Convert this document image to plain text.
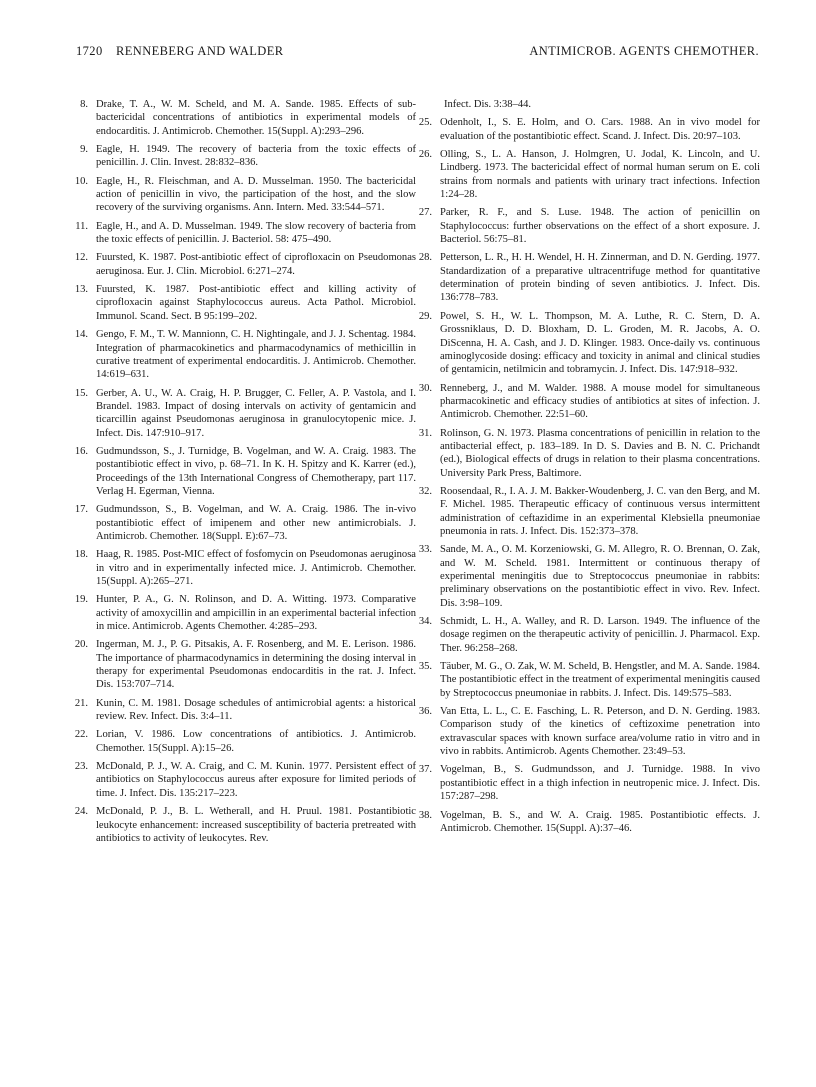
1720 RENNEBERG AND WALDER	ANTIMICROB. AGENTS CHEMOTHER.
8. Drake, T. A., W. M. Scheld, and M. A. Sande. 1985. Effects of sub-bactericidal concentrations of antibiotics in experimental models of endocarditis. J. Antimicrob. Chemother. 15(Suppl. A):293–296.
9. Eagle, H. 1949. The recovery of bacteria from the toxic effects of penicillin. J. Clin. Invest. 28:832–836.
10. Eagle, H., R. Fleischman, and A. D. Musselman. 1950. The bactericidal action of penicillin in vivo, the participation of the host, and the slow recovery of the surviving organisms. Ann. Intern. Med. 33:544–571.
11. Eagle, H., and A. D. Musselman. 1949. The slow recovery of bacteria from the toxic effects of penicillin. J. Bacteriol. 58: 475–490.
12. Fuursted, K. 1987. Post-antibiotic effect of ciprofloxacin on Pseudomonas aeruginosa. Eur. J. Clin. Microbiol. 6:271–274.
13. Fuursted, K. 1987. Post-antibiotic effect and killing activity of ciprofloxacin against Staphylococcus aureus. Acta Pathol. Microbiol. Immunol. Scand. Sect. B 95:199–202.
14. Gengo, F. M., T. W. Mannionn, C. H. Nightingale, and J. J. Schentag. 1984. Integration of pharmacokinetics and pharmacodynamics of methicillin in curative treatment of experimental endocarditis. J. Antimicrob. Chemother. 14:619–631.
15. Gerber, A. U., W. A. Craig, H. P. Brugger, C. Feller, A. P. Vastola, and I. Brandel. 1983. Impact of dosing intervals on activity of gentamicin and ticarcillin against Pseudomonas aeruginosa in granulocytopenic mice. J. Infect. Dis. 147:910–917.
16. Gudmundsson, S., J. Turnidge, B. Vogelman, and W. A. Craig. 1983. The postantibiotic effect in vivo, p. 68–71. In K. H. Spitzy and K. Karrer (ed.), Proceedings of the 13th International Congress of Chemotherapy, part 117. Verlag H. Egerman, Vienna.
17. Gudmundsson, S., B. Vogelman, and W. A. Craig. 1986. The in-vivo postantibiotic effect of imipenem and other new antimicrobials. J. Antimicrob. Chemother. 18(Suppl. E):67–73.
18. Haag, R. 1985. Post-MIC effect of fosfomycin on Pseudomonas aeruginosa in vitro and in experimentally infected mice. J. Antimicrob. Chemother. 15(Suppl. A):265–271.
19. Hunter, P. A., G. N. Rolinson, and D. A. Witting. 1973. Comparative activity of amoxycillin and ampicillin in an experimental bacterial infection in mice. Antimicrob. Agents Chemother. 4:285–293.
20. Ingerman, M. J., P. G. Pitsakis, A. F. Rosenberg, and M. E. Lerison. 1986. The importance of pharmacodynamics in determining the dosing interval in therapy for experimental Pseudomonas endocarditis in the rat. J. Infect. Dis. 153:707–714.
21. Kunin, C. M. 1981. Dosage schedules of antimicrobial agents: a historical review. Rev. Infect. Dis. 3:4–11.
22. Lorian, V. 1986. Low concentrations of antibiotics. J. Antimicrob. Chemother. 15(Suppl. A):15–26.
23. McDonald, P. J., W. A. Craig, and C. M. Kunin. 1977. Persistent effect of antibiotics on Staphylococcus aureus after exposure for limited periods of time. J. Infect. Dis. 135:217–223.
24. McDonald, P. J., B. L. Wetherall, and H. Pruul. 1981. Postantibiotic leukocyte enhancement: increased susceptibility of bacteria pretreated with antibiotics to activity of leukocytes. Rev.
Infect. Dis. 3:38–44.
25. Odenholt, I., S. E. Holm, and O. Cars. 1988. An in vivo model for evaluation of the postantibiotic effect. Scand. J. Infect. Dis. 20:97–103.
26. Olling, S., L. A. Hanson, J. Holmgren, U. Jodal, K. Lincoln, and U. Lindberg. 1973. The bactericidal effect of normal human serum on E. coli strains from normals and patients with urinary tract infections. Infection 1:24–28.
27. Parker, R. F., and S. Luse. 1948. The action of penicillin on Staphylococcus: further observations on the effect of a short exposure. J. Bacteriol. 56:75–81.
28. Petterson, L. R., H. H. Wendel, H. H. Zinnerman, and D. N. Gerding. 1977. Standardization of a preparative ultracentrifuge method for quantitative determination of protein binding of seven antibiotics. J. Infect. Dis. 136:778–783.
29. Powel, S. H., W. L. Thompson, M. A. Luthe, R. C. Stern, D. A. Grossniklaus, D. D. Bloxham, D. L. Groden, M. R. Jacobs, A. O. DiScenna, H. A. Cash, and J. D. Klinger. 1983. Once-daily vs. continuous aminoglycoside dosing: efficacy and toxicity in animal and clinical studies of gentamicin, netilmicin and tobramycin. J. Infect. Dis. 147:918–932.
30. Renneberg, J., and M. Walder. 1988. A mouse model for simultaneous pharmacokinetic and efficacy studies of antibiotics at sites of infection. J. Antimicrob. Chemother. 22:51–60.
31. Rolinson, G. N. 1973. Plasma concentrations of penicillin in relation to the antibacterial effect, p. 183–189. In D. S. Davies and B. N. C. Prichandt (ed.), Biological effects of drugs in relation to their plasma concentrations. University Park Press, Baltimore.
32. Roosendaal, R., I. A. J. M. Bakker-Woudenberg, J. C. van den Berg, and M. F. Michel. 1985. Therapeutic efficacy of continuous versus intermittent administration of ceftazidime in an experimental Klebsiella pneumoniae pneumonia in rats. J. Infect. Dis. 152:373–378.
33. Sande, M. A., O. M. Korzeniowski, G. M. Allegro, R. O. Brennan, O. Zak, and W. M. Scheld. 1981. Intermittent or continuous therapy of experimental meningitis due to Streptococcus pneumoniae in rabbits: preliminary observations on the postantibiotic effect in vivo. Rev. Infect. Dis. 3:98–109.
34. Schmidt, L. H., A. Walley, and R. D. Larson. 1949. The influence of the dosage regimen on the therapeutic activity of penicillin. J. Pharmacol. Exp. Ther. 96:258–268.
35. Täuber, M. G., O. Zak, W. M. Scheld, B. Hengstler, and M. A. Sande. 1984. The postantibiotic effect in the treatment of experimental meningitis caused by Streptococcus pneumoniae in rabbits. J. Infect. Dis. 149:575–583.
36. Van Etta, L. L., C. E. Fasching, L. R. Peterson, and D. N. Gerding. 1983. Comparison study of the kinetics of ceftizoxime penetration into extravascular spaces with known surface area/volume ratio in vitro and in vivo in rabbits. Antimicrob. Agents Chemother. 23:49–53.
37. Vogelman, B., S. Gudmundsson, and J. Turnidge. 1988. In vivo postantibiotic effect in a thigh infection in neutropenic mice. J. Infect. Dis. 157:287–298.
38. Vogelman, B. S., and W. A. Craig. 1985. Postantibiotic effects. J. Antimicrob. Chemother. 15(Suppl. A):37–46.
